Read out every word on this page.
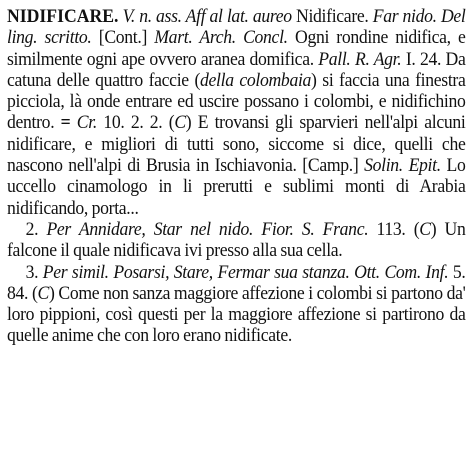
NIDIFICARE. V. n. ass. Aff al lat. aureo Nidificare. Far nido. Del ling. scritto. [Cont.] Mart. Arch. Concl. Ogni rondine nidifica, e similmente ogni ape ovvero aranea domifica. Pall. R. Agr. I. 24. Da catuna delle quattro faccie (della colombaia) si faccia una finestra picciola, là onde entrare ed uscire possano i colombi, e nidifichino dentro. = Cr. 10. 2. 2. (C) E trovansi gli sparvieri nell'alpi alcuni nidificare, e migliori di tutti sono, siccome si dice, quelli che nascono nell'alpi di Brusia in Ischiavonia. [Camp.] Solin. Epit. Lo uccello cinamologo in li prerutti e sublimi monti di Arabia nidificando, porta...
2. Per Annidare, Star nel nido. Fior. S. Franc. 113. (C) Un falcone il quale nidificava ivi presso alla sua cella.
3. Per simil. Posarsi, Stare, Fermar sua stanza. Ott. Com. Inf. 5. 84. (C) Come non sanza maggiore affezione i colombi si partono da' loro pippioni, così questi per la maggiore affezione si partirono da quelle anime che con loro erano nidificate.
